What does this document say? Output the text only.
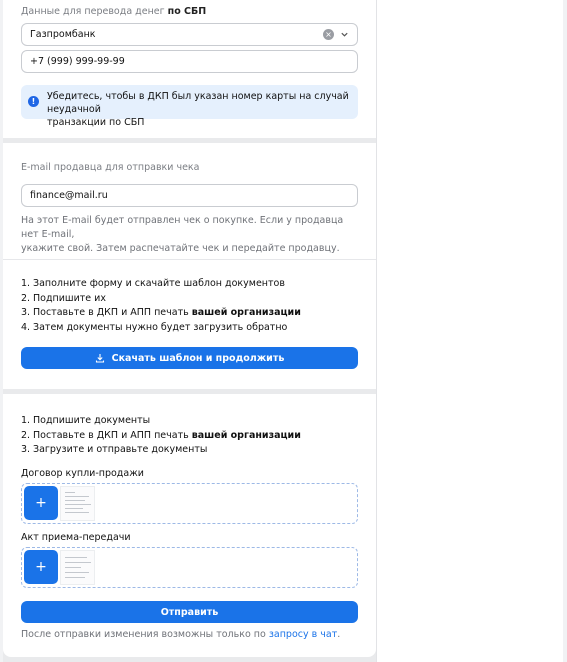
Данные для перевода денег по СБП
Газпромбанк	×
+7 (999) 999-99-99
!	Убедитесь, чтобы в ДКП был указан номер карты на случай неудачной
транзакции по СБП
E-mail продавца для отправки чека
finance@mail.ru
На этот E-mail будет отправлен чек о покупке. Если у продавца нет E-mail,
укажите свой. Затем распечатайте чек и передайте продавцу.
1. Заполните форму и скачайте шаблон документов
2. Подпишите их
3. Поставьте в ДКП и АПП печать вашей организации
4. Затем документы нужно будет загрузить обратно
Скачать шаблон и продолжить
1. Подпишите документы
2. Поставьте в ДКП и АПП печать вашей организации
3. Загрузите и отправьте документы
Договор купли-продажи
+
Акт приема-передачи
+
Отправить
После отправки изменения возможны только по запросу в чат.
